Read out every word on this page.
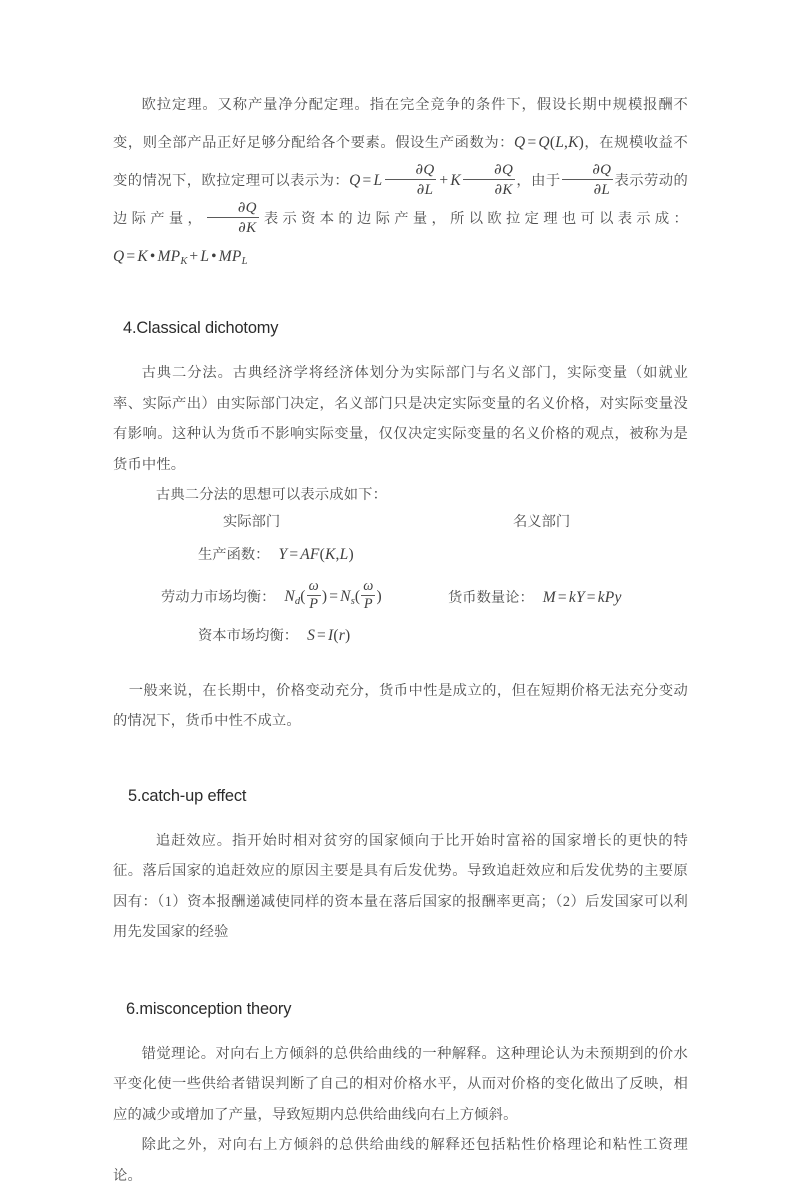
欧拉定理。又称产量净分配定理。指在完全竞争的条件下，假设长期中规模报酬不变，则全部产品正好足够分配给各个要素。假设生产函数为：Q = Q(L,K)，在规模收益不变的情况下，欧拉定理可以表示为：Q = L  $\frac{\partial Q}{\partial L} + K$  $\frac{\partial Q}{\partial K}$ ，由于 $\frac{\partial Q}{\partial L}$ 表示劳动的边际产量， $\frac{\partial Q}{\partial K}$ 表示资本的边际产量，所以欧拉定理也可以表示成：Q = K • $MP_K + L$ • $MP_L$

4.Classical dichotomy

古典二分法。古典经济学将经济体划分为实际部门与名义部门，实际变量（如就业率、实际产出）由实际部门决定，名义部门只是决定实际变量的名义价格，对实际变量没有影响。这种认为货币不影响实际变量，仅仅决定实际变量的名义价格的观点，被称为是货币中性。

古典二分法的思想可以表示成如下：

实际部门	名义部门
生产函数： Y = AF(K,L)
劳动力市场均衡： $N_d( \frac{\omega}{P}$ ) = $N_s( \frac{\omega}{P}$ )	货币数量论： M = kY = kPy
资本市场均衡： S = I(r)

一般来说，在长期中，价格变动充分，货币中性是成立的，但在短期价格无法充分变动的情况下，货币中性不成立。

5.catch-up effect

追赶效应。指开始时相对贫穷的国家倾向于比开始时富裕的国家增长的更快的特征。落后国家的追赶效应的原因主要是具有后发优势。导致追赶效应和后发优势的主要原因有：（1）资本报酬递减使同样的资本量在落后国家的报酬率更高；（2）后发国家可以利用先发国家的经验

6.misconception theory

错觉理论。对向右上方倾斜的总供给曲线的一种解释。这种理论认为未预期到的价水平变化使一些供给者错误判断了自己的相对价格水平，从而对价格的变化做出了反映，相应的减少或增加了产量，导致短期内总供给曲线向右上方倾斜。

除此之外，对向右上方倾斜的总供给曲线的解释还包括粘性价格理论和粘性工资理论。
